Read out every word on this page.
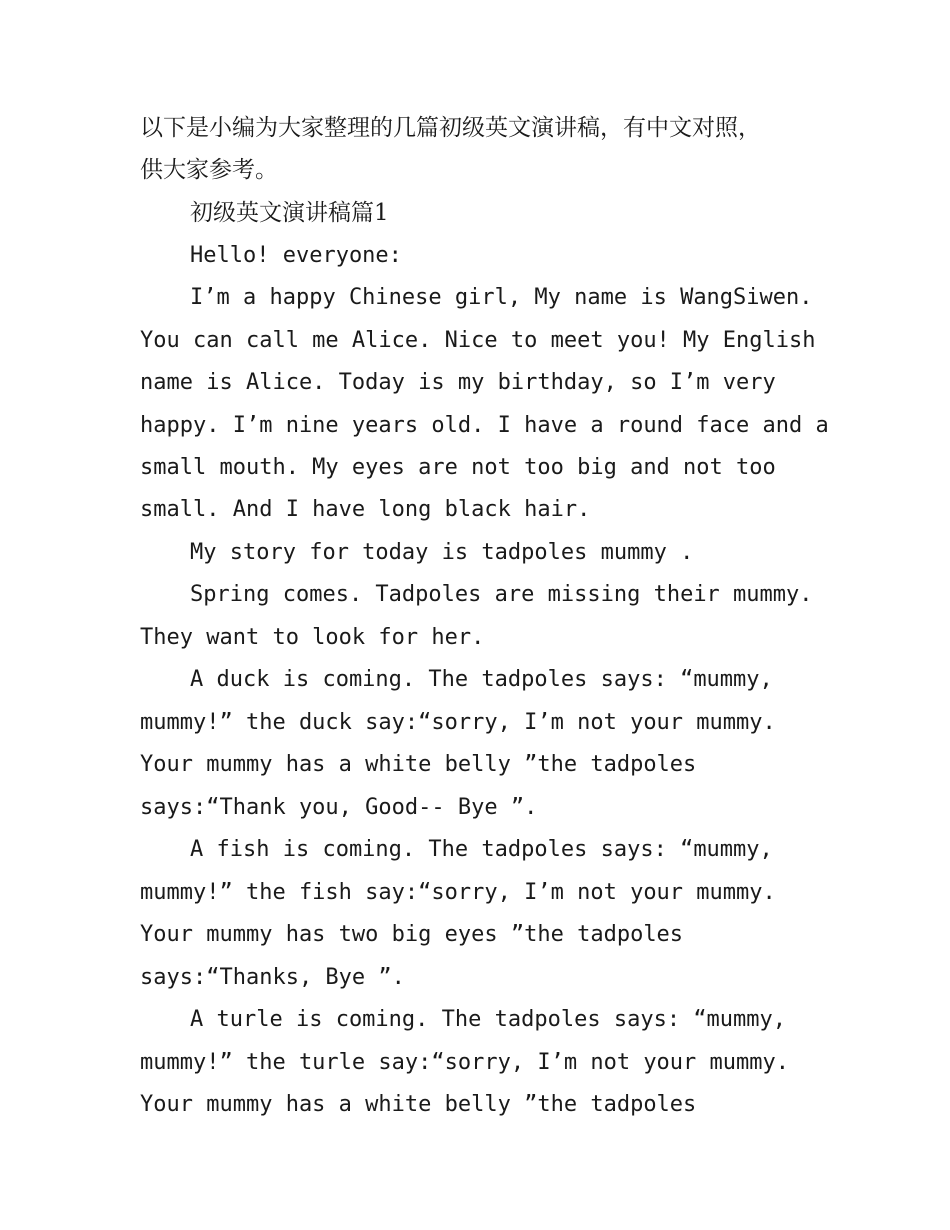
以下是小编为大家整理的几篇初级英文演讲稿，有中文对照，
供大家参考。
初级英文演讲稿篇1
Hello! everyone:
I’m a happy Chinese girl, My name is WangSiwen.
You can call me Alice. Nice to meet you! My English
name is Alice. Today is my birthday, so I’m very
happy. I’m nine years old. I have a round face and a
small mouth. My eyes are not too big and not too
small. And I have long black hair.
My story for today is tadpoles mummy .
Spring comes. Tadpoles are missing their mummy.
They want to look for her.
A duck is coming. The tadpoles says: “mummy,
mummy!” the duck say:“sorry, I’m not your mummy.
Your mummy has a white belly ”the tadpoles
says:“Thank you, Good-- Bye ”.
A fish is coming. The tadpoles says: “mummy,
mummy!” the fish say:“sorry, I’m not your mummy.
Your mummy has two big eyes ”the tadpoles
says:“Thanks, Bye ”.
A turle is coming. The tadpoles says: “mummy,
mummy!” the turle say:“sorry, I’m not your mummy.
Your mummy has a white belly ”the tadpoles
